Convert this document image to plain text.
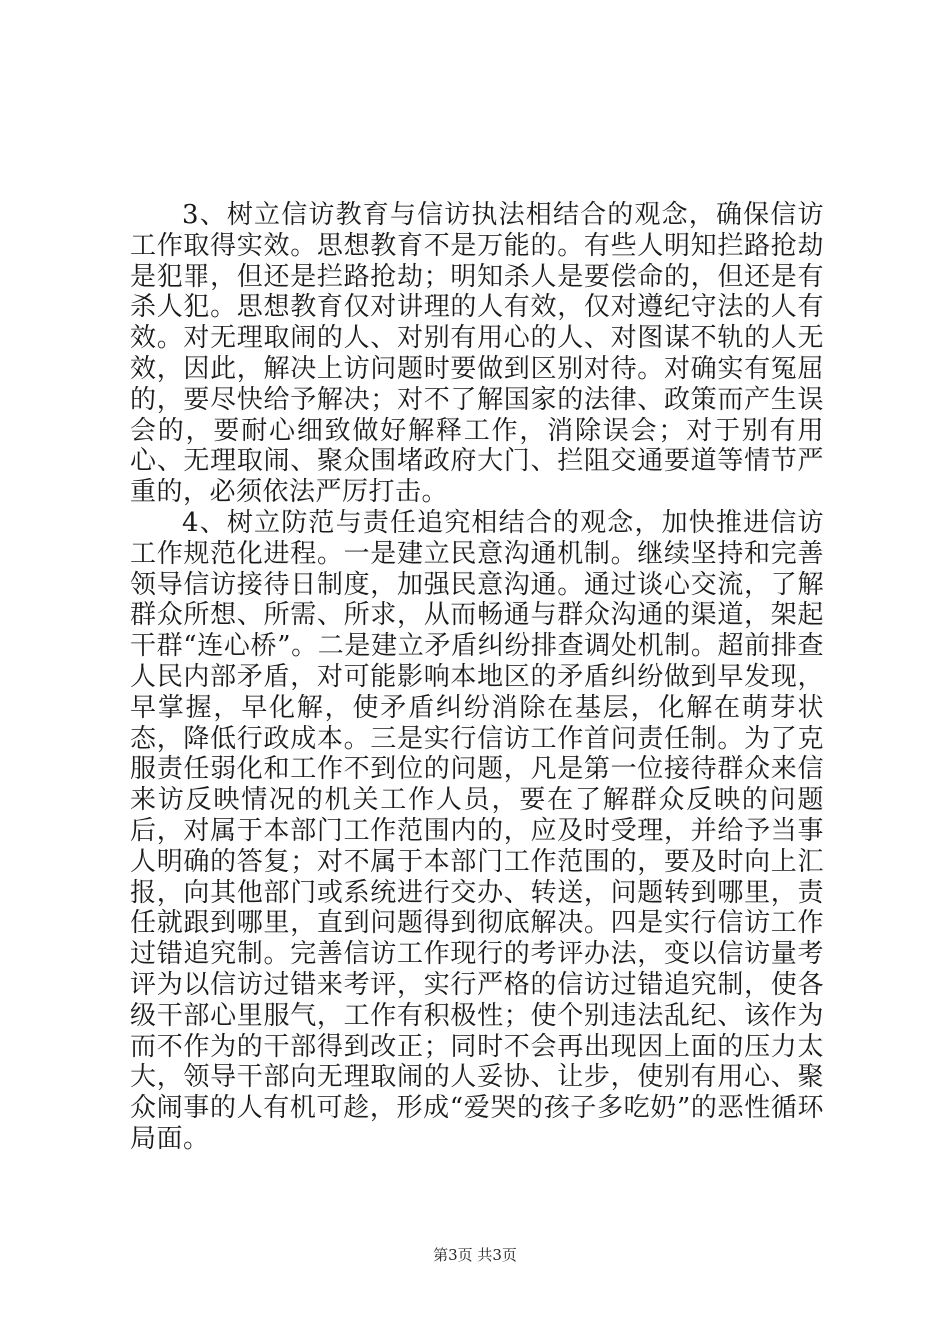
3、树立信访教育与信访执法相结合的观念，确保信访工作取得实效。思想教育不是万能的。有些人明知拦路抢劫是犯罪，但还是拦路抢劫；明知杀人是要偿命的，但还是有杀人犯。思想教育仅对讲理的人有效，仅对遵纪守法的人有效。对无理取闹的人、对别有用心的人、对图谋不轨的人无效，因此，解决上访问题时要做到区别对待。对确实有冤屈的，要尽快给予解决；对不了解国家的法律、政策而产生误会的，要耐心细致做好解释工作，消除误会；对于别有用心、无理取闹、聚众围堵政府大门、拦阻交通要道等情节严重的，必须依法严厉打击。

4、树立防范与责任追究相结合的观念，加快推进信访工作规范化进程。一是建立民意沟通机制。继续坚持和完善领导信访接待日制度，加强民意沟通。通过谈心交流，了解群众所想、所需、所求，从而畅通与群众沟通的渠道，架起干群“连心桥”。二是建立矛盾纠纷排查调处机制。超前排查人民内部矛盾，对可能影响本地区的矛盾纠纷做到早发现，早掌握，早化解，使矛盾纠纷消除在基层，化解在萌芽状态，降低行政成本。三是实行信访工作首问责任制。为了克服责任弱化和工作不到位的问题，凡是第一位接待群众来信来访反映情况的机关工作人员，要在了解群众反映的问题后，对属于本部门工作范围内的，应及时受理，并给予当事人明确的答复；对不属于本部门工作范围的，要及时向上汇报，向其他部门或系统进行交办、转送，问题转到哪里，责任就跟到哪里，直到问题得到彻底解决。四是实行信访工作过错追究制。完善信访工作现行的考评办法，变以信访量考评为以信访过错来考评，实行严格的信访过错追究制，使各级干部心里服气，工作有积极性；使个别违法乱纪、该作为而不作为的干部得到改正；同时不会再出现因上面的压力太大，领导干部向无理取闹的人妥协、让步，使别有用心、聚众闹事的人有机可趁，形成“爱哭的孩子多吃奶”的恶性循环局面。

第3页 共3页
